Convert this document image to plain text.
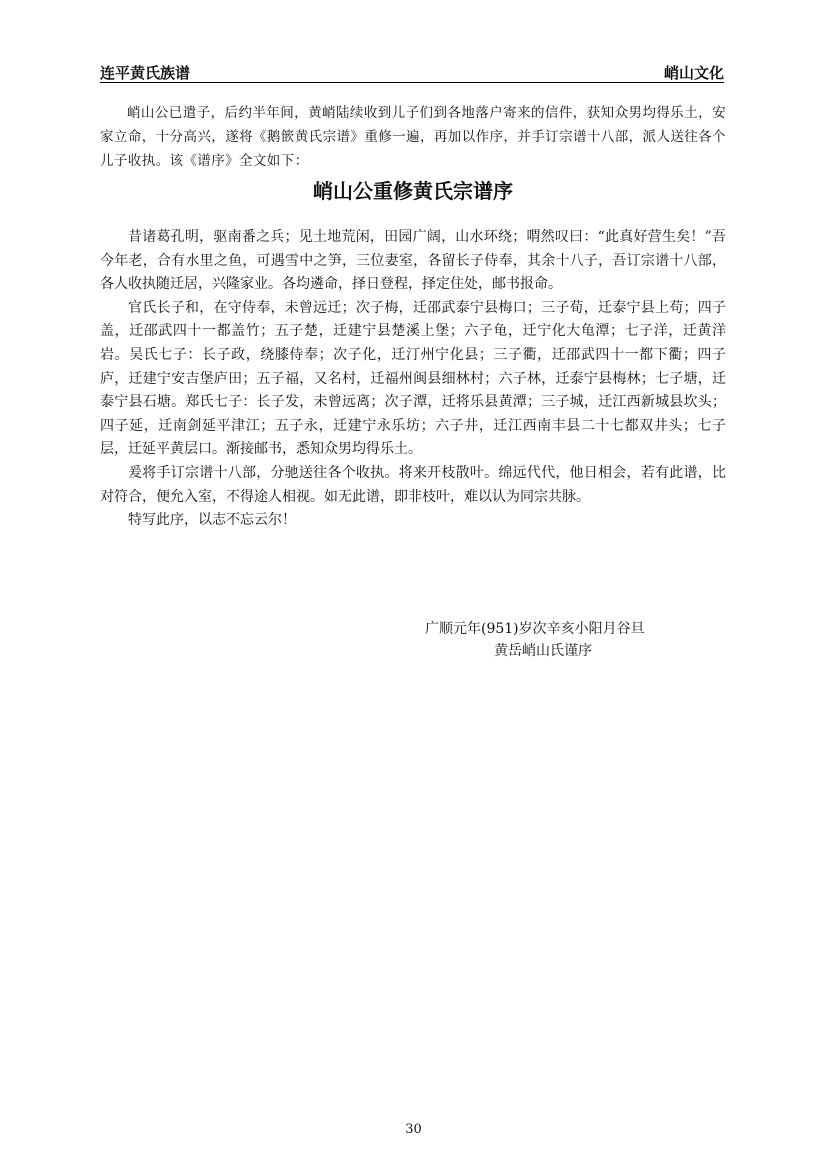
连平黄氏族谱	峭山文化
峭山公已遣子，后约半年间，黄峭陆续收到儿子们到各地落户寄来的信件，获知众男均得乐土，安家立命，十分高兴，遂将《鹅篏黄氏宗谱》重修一遍，再加以作序，并手订宗谱十八部，派人送往各个儿子收执。该《谱序》全文如下：
峭山公重修黄氏宗谱序

昔诸葛孔明，驱南番之兵；见土地荒闲，田园广阔，山水环绕；喟然叹曰：“此真好营生矣！”吾今年老，合有水里之鱼，可遇雪中之笋，三位妻室，各留长子侍奉，其余十八子，吾订宗谱十八部，各人收执随迁居，兴隆家业。各均遴命，择日登程，择定住处，邮书报命。

官氏长子和，在守侍奉，未曾远迁；次子梅，迁邵武泰宁县梅口；三子荀，迁泰宁县上苟；四子盖，迁邵武四十一都盖竹；五子楚，迁建宁县楚溪上堡；六子龟，迁宁化大龟潭；七子洋，迁黄洋岩。吴氏七子：长子政，绕膝侍奉；次子化，迁汀州宁化县；三子衢，迁邵武四十一都下衢；四子庐，迁建宁安吉堡庐田；五子福，又名村，迁福州闽县细林村；六子林，迁泰宁县梅林；七子塘，迁泰宁县石塘。郑氏七子：长子发，未曾远离；次子潭，迁将乐县黄潭；三子城，迁江西新城县坎头；四子延，迁南剑延平津江；五子永，迁建宁永乐坊；六子井，迁江西南丰县二十七都双井头；七子层，迁延平黄层口。渐接邮书，悉知众男均得乐土。

爰将手订宗谱十八部，分驰送往各个收执。将来开枝散叶。绵远代代，他日相会，若有此谱，比对符合，便允入室，不得途人相视。如无此谱，即非枝叶，难以认为同宗共脉。

特写此序，以志不忘云尔！

广顺元年(951)岁次辛亥小阳月谷旦
黄岳峭山氏谨序
30
